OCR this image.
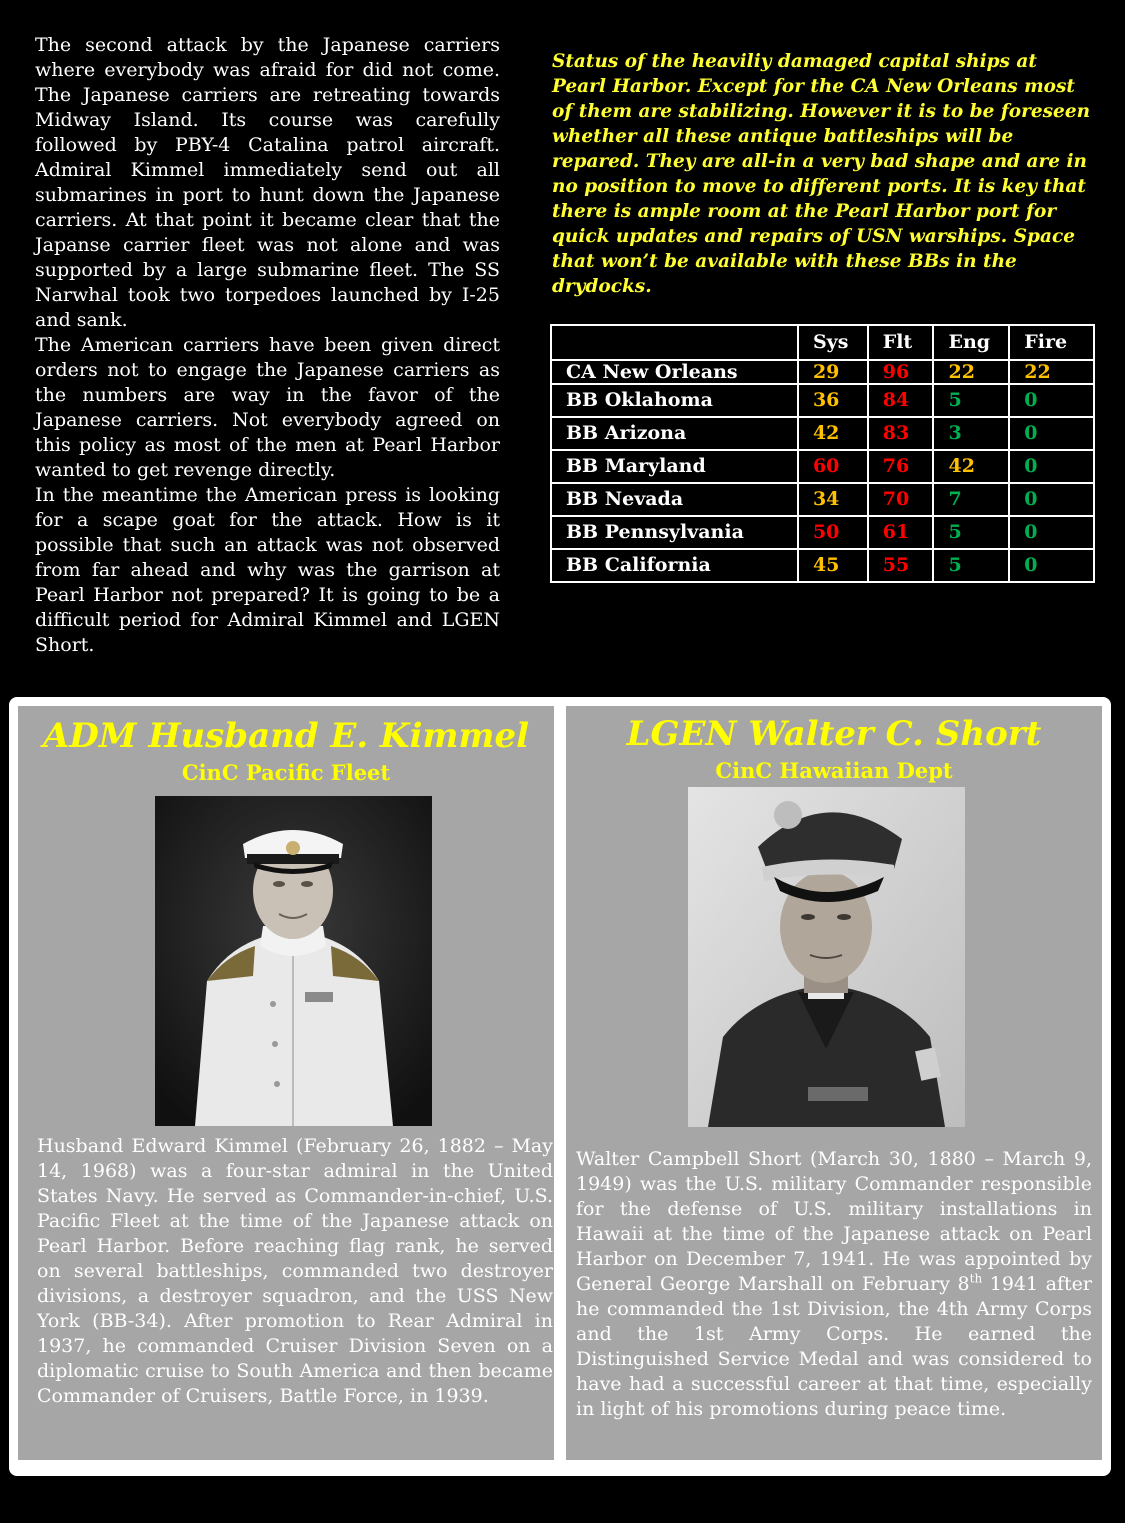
The second attack by the Japanese carriers where everybody was afraid for did not come. The Japanese carriers are retreating towards Midway Island. Its course was carefully followed by PBY-4 Catalina patrol aircraft. Admiral Kimmel immediately send out all submarines in port to hunt down the Japanese carriers. At that point it became clear that the Japanse carrier fleet was not alone and was supported by a large submarine fleet. The SS Narwhal took two torpedoes launched by I-25 and sank.

The American carriers have been given direct orders not to engage the Japanese carriers as the numbers are way in the favor of the Japanese carriers. Not everybody agreed on this policy as most of the men at Pearl Harbor wanted to get revenge directly.

In the meantime the American press is looking for a scape goat for the attack. How is it possible that such an attack was not observed from far ahead and why was the garrison at Pearl Harbor not prepared? It is going to be a difficult period for Admiral Kimmel and LGEN Short.

Status of the heaviliy damaged capital ships at Pearl Harbor. Except for the CA New Orleans most of them are stabilizing. However it is to be foreseen whether all these antique battleships will be repared. They are all-in a very bad shape and are in no position to move to different ports. It is key that there is ample room at the Pearl Harbor port for quick updates and repairs of USN warships. Space that won’t be available with these BBs in the drydocks.

	Sys	Flt	Eng	Fire
CA New Orleans	29	96	22	22
BB Oklahoma	36	84	5	0
BB Arizona	42	83	3	0
BB Maryland	60	76	42	0
BB Nevada	34	70	7	0
BB Pennsylvania	50	61	5	0
BB California	45	55	5	0
ADM Husband E. Kimmel
CinC Pacific Fleet

Husband Edward Kimmel (February 26, 1882 – May 14, 1968) was a four-star admiral in the United States Navy. He served as Commander-in-chief, U.S. Pacific Fleet at the time of the Japanese attack on Pearl Harbor. Before reaching flag rank, he served on several battleships, commanded two destroyer divisions, a destroyer squadron, and the USS New York (BB-34). After promotion to Rear Admiral in 1937, he commanded Cruiser Division Seven on a diplomatic cruise to South America and then became Commander of Cruisers, Battle Force, in 1939.

LGEN Walter C. Short
CinC Hawaiian Dept

Walter Campbell Short (March 30, 1880 – March 9, 1949) was the U.S. military Commander responsible for the defense of U.S. military installations in Hawaii at the time of the Japanese attack on Pearl Harbor on December 7, 1941. He was appointed by General George Marshall on February 8th 1941 after he commanded the 1st Division, the 4th Army Corps and the 1st Army Corps. He earned the Distinguished Service Medal and was considered to have had a successful career at that time, especially in light of his promotions during peace time.
